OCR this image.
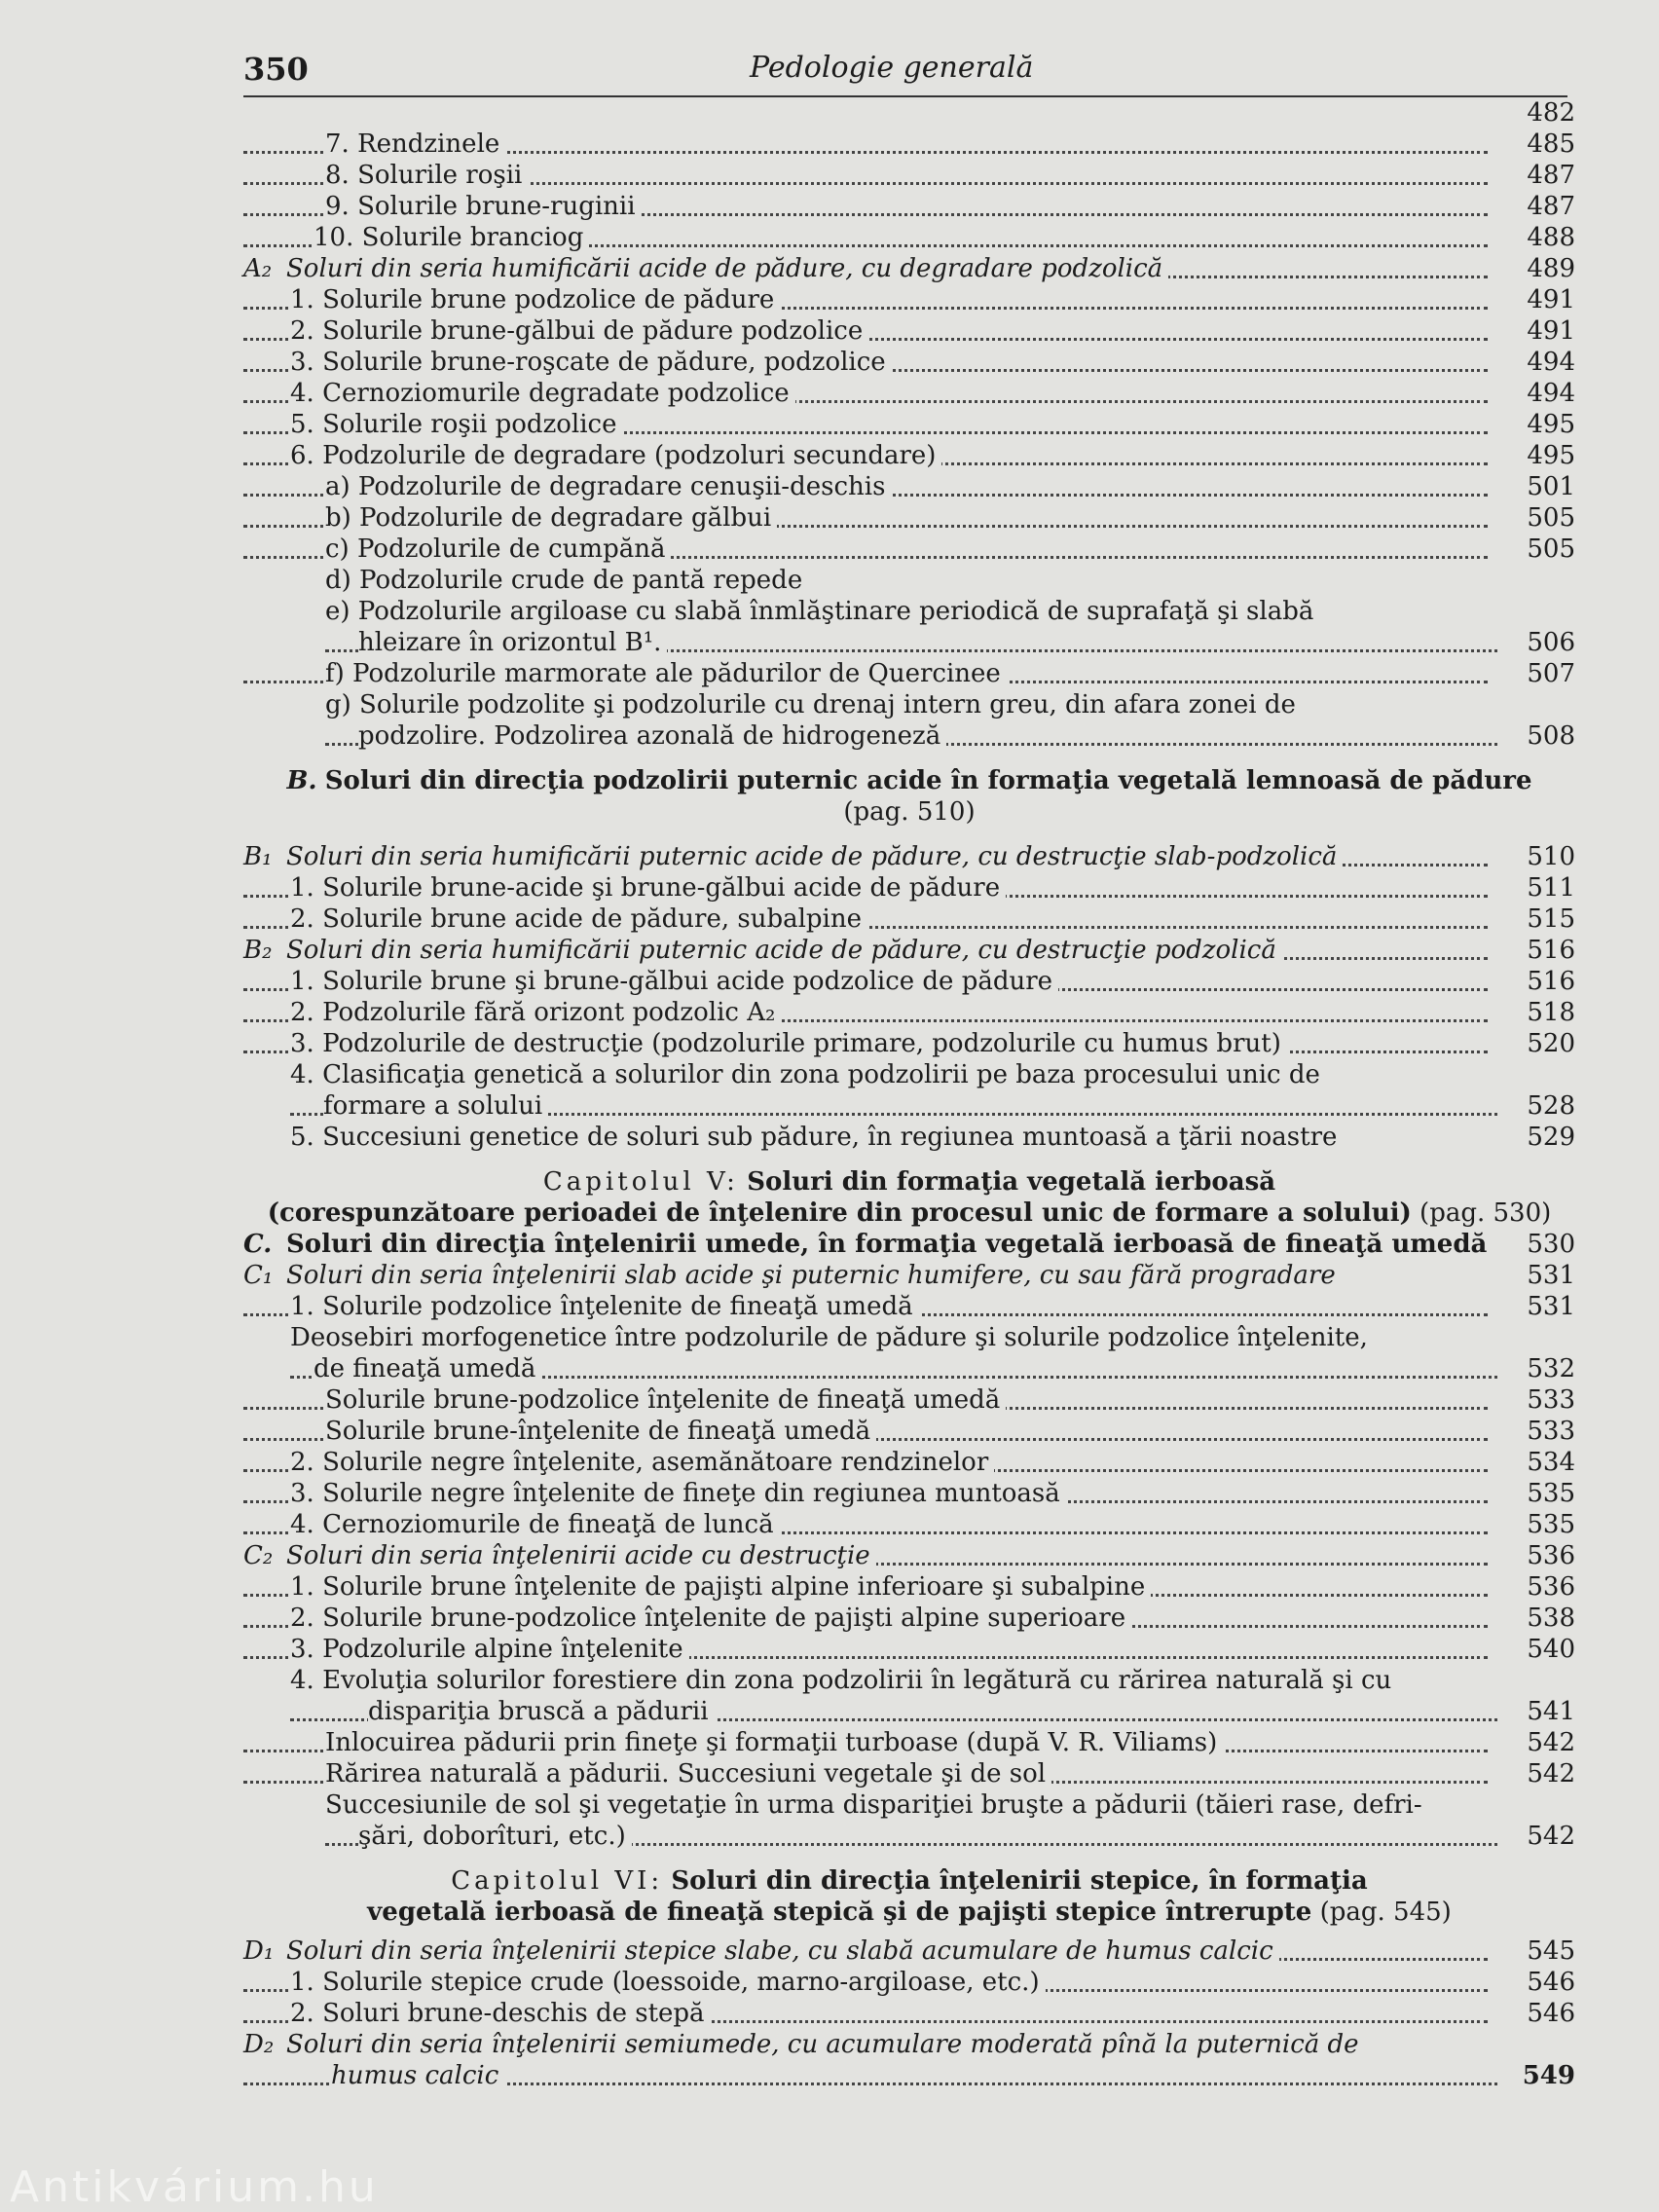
350	Pedologie generală
482
7. Rendzinele	485
8. Solurile roşii	487
9. Solurile brune-ruginii	487
10. Solurile branciog	488
A₂ Soluri din seria humificării acide de pădure, cu degradare podzolică	489
1. Solurile brune podzolice de pădure	491
2. Solurile brune-gălbui de pădure podzolice	491
3. Solurile brune-roşcate de pădure, podzolice	494
4. Cernoziomurile degradate podzolice	494
5. Solurile roşii podzolice	495
6. Podzolurile de degradare (podzoluri secundare)	495
a) Podzolurile de degradare cenuşii-deschis	501
b) Podzolurile de degradare gălbui	505
c) Podzolurile de cumpănă	505
d) Podzolurile crude de pantă repede
e) Podzolurile argiloase cu slabă înmlăştinare periodică de suprafaţă şi slabă
hleizare în orizontul B¹.	506
f) Podzolurile marmorate ale pădurilor de Quercinee	507
g) Solurile podzolite şi podzolurile cu drenaj intern greu, din afara zonei de
podzolire. Podzolirea azonală de hidrogeneză	508
B. Soluri din direcţia podzolirii puternic acide în formaţia vegetală lemnoasă de pădure
(pag. 510)
B₁ Soluri din seria humificării puternic acide de pădure, cu destrucţie slab-podzolică	510
1. Solurile brune-acide şi brune-gălbui acide de pădure	511
2. Solurile brune acide de pădure, subalpine	515
B₂ Soluri din seria humificării puternic acide de pădure, cu destrucţie podzolică	516
1. Solurile brune şi brune-gălbui acide podzolice de pădure	516
2. Podzolurile fără orizont podzolic A₂	518
3. Podzolurile de destrucţie (podzolurile primare, podzolurile cu humus brut)	520
4. Clasificaţia genetică a solurilor din zona podzolirii pe baza procesului unic de
formare a solului	528
5. Succesiuni genetice de soluri sub pădure, în regiunea muntoasă a ţării noastre	529
Capitolul V: Soluri din formaţia vegetală ierboasă
(corespunzătoare perioadei de înţelenire din procesul unic de formare a solului) (pag. 530)
C. Soluri din direcţia înţelenirii umede, în formaţia vegetală ierboasă de fineaţă umedă	530
C₁ Soluri din seria înţelenirii slab acide şi puternic humifere, cu sau fără progradare	531
1. Solurile podzolice înţelenite de fineaţă umedă	531
Deosebiri morfogenetice între podzolurile de pădure şi solurile podzolice înţelenite,
de fineaţă umedă	532
Solurile brune-podzolice înţelenite de fineaţă umedă	533
Solurile brune-înţelenite de fineaţă umedă	533
2. Solurile negre înţelenite, asemănătoare rendzinelor	534
3. Solurile negre înţelenite de fineţe din regiunea muntoasă	535
4. Cernoziomurile de fineaţă de luncă	535
C₂ Soluri din seria înţelenirii acide cu destrucţie	536
1. Solurile brune înţelenite de pajişti alpine inferioare şi subalpine	536
2. Solurile brune-podzolice înţelenite de pajişti alpine superioare	538
3. Podzolurile alpine înţelenite	540
4. Evoluţia solurilor forestiere din zona podzolirii în legătură cu rărirea naturală şi cu
dispariţia bruscă a pădurii	541
Inlocuirea pădurii prin fineţe şi formaţii turboase (după V. R. Viliams)	542
Rărirea naturală a pădurii. Succesiuni vegetale şi de sol	542
Succesiunile de sol şi vegetaţie în urma dispariţiei bruşte a pădurii (tăieri rase, defri-
şări, doborîturi, etc.)	542
Capitolul VI: Soluri din direcţia înţelenirii stepice, în formaţia
vegetală ierboasă de fineaţă stepică şi de pajişti stepice întrerupte (pag. 545)
D₁ Soluri din seria înţelenirii stepice slabe, cu slabă acumulare de humus calcic	545
1. Solurile stepice crude (loessoide, marno-argiloase, etc.)	546
2. Soluri brune-deschis de stepă	546
D₂ Soluri din seria înţelenirii semiumede, cu acumulare moderată pînă la puternică de
humus calcic	549
Antikvárium.hu
